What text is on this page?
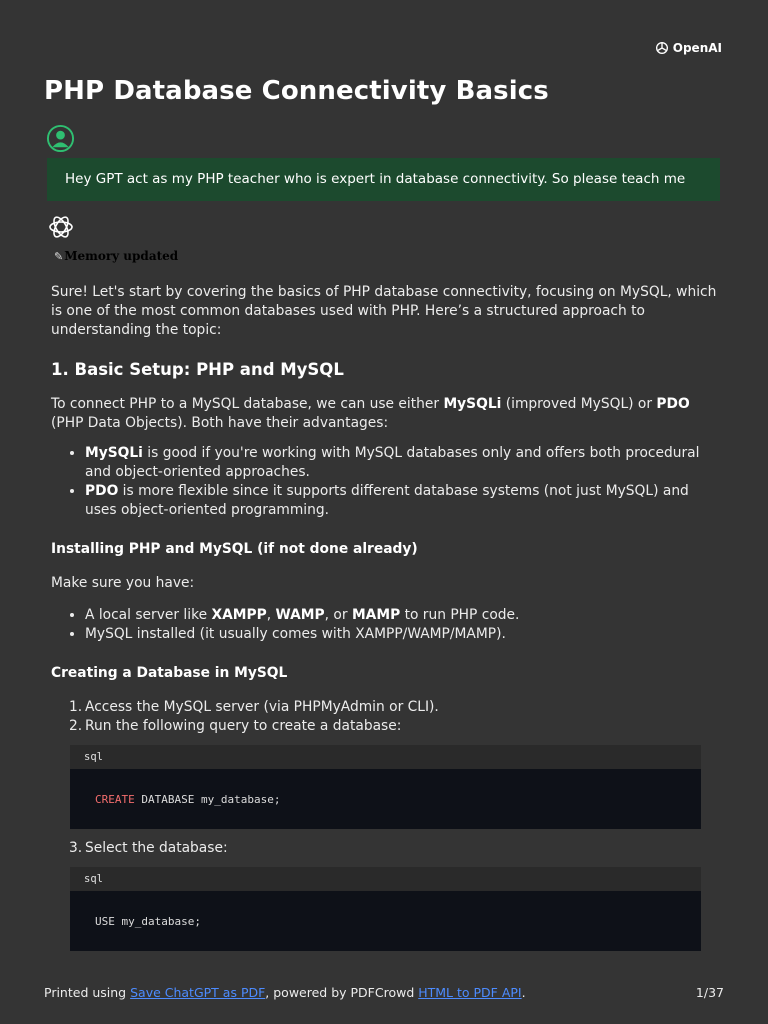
OpenAI
PHP Database Connectivity Basics
Hey GPT act as my PHP teacher who is expert in database connectivity. So please teach me
✎ Memory updated

Sure! Let's start by covering the basics of PHP database connectivity, focusing on MySQL, which is one of the most common databases used with PHP. Here’s a structured approach to understanding the topic:

1. Basic Setup: PHP and MySQL

To connect PHP to a MySQL database, we can use either MySQLi (improved MySQL) or PDO (PHP Data Objects). Both have their advantages:

• MySQLi is good if you're working with MySQL databases only and offers both procedural and object-oriented approaches.
• PDO is more flexible since it supports different database systems (not just MySQL) and uses object-oriented programming.
Installing PHP and MySQL (if not done already)

Make sure you have:

• A local server like XAMPP, WAMP, or MAMP to run PHP code.
• MySQL installed (it usually comes with XAMPP/WAMP/MAMP).
Creating a Database in MySQL
1. Access the MySQL server (via PHPMyAdmin or CLI).
2. Run the following query to create a database:
sql
CREATE DATABASE my_database;
3. Select the database:
sql
USE my_database;
Printed using Save ChatGPT as PDF, powered by PDFCrowd HTML to PDF API.	1/37
